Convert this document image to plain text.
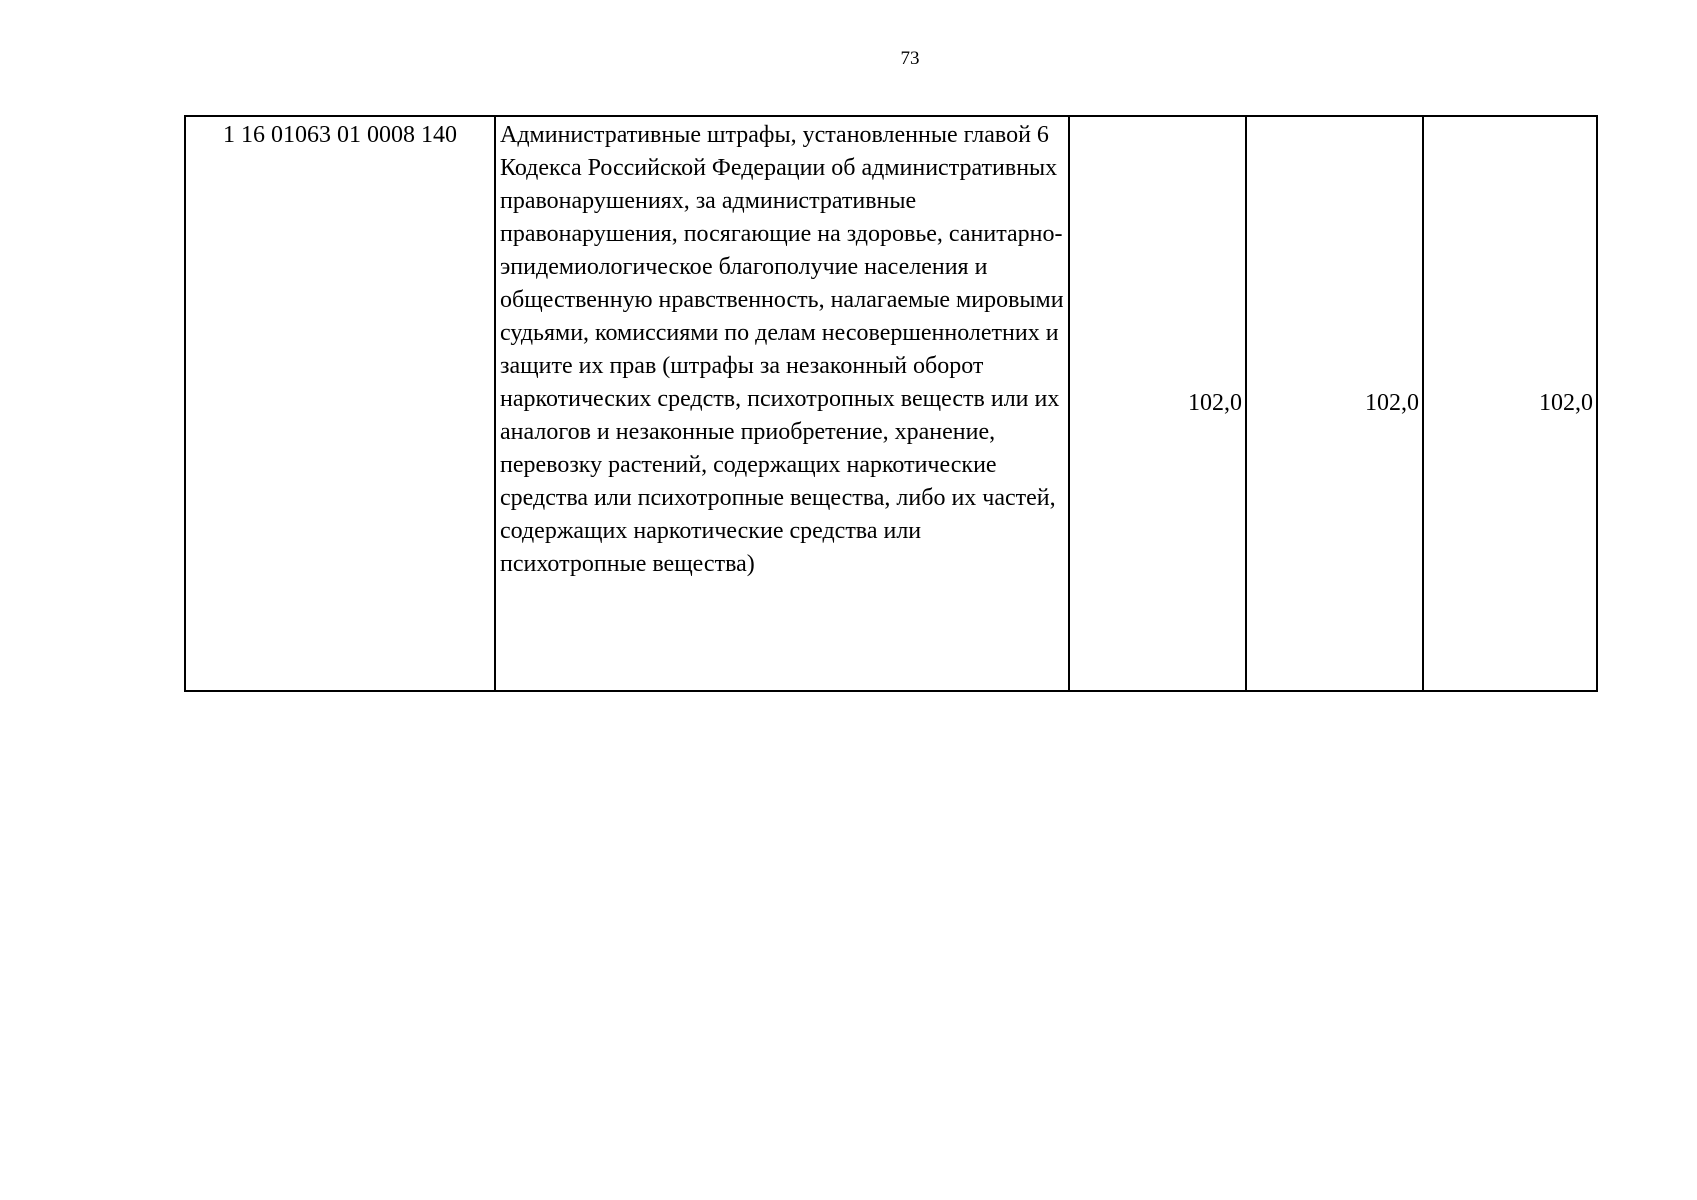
73
1 16 01063 01 0008 140	Административные штрафы, установленные главой 6 Кодекса Российской Федерации об административных правонарушениях, за административные правонарушения, посягающие на здоровье, санитарно-эпидемиологическое благополучие населения и общественную нравственность, налагаемые мировыми судьями, комиссиями по делам несовершеннолетних и защите их прав (штрафы за незаконный оборот наркотических средств, психотропных веществ или их аналогов и незаконные приобретение, хранение, перевозку растений, содержащих наркотические средства или психотропные вещества, либо их частей, содержащих наркотические средства или психотропные вещества)	102,0	102,0	102,0
